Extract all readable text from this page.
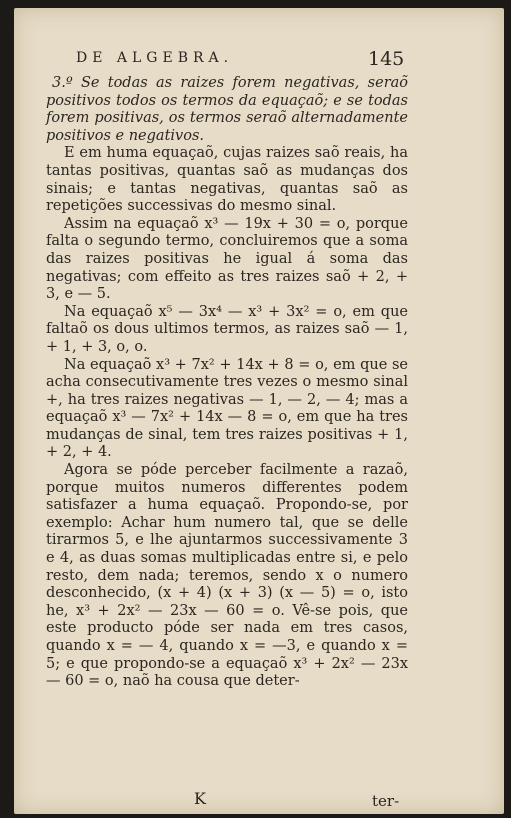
DE ALGEBRA.	145

3.º Se todas as raizes forem negativas, seraõ positivos todos os termos da equaçaõ; e se todas forem positivas, os termos seraõ alternadamente positivos e negativos.

E em huma equaçaõ, cujas raizes saõ reais, ha tantas positivas, quantas saõ as mudanças dos sinais; e tantas negativas, quantas saõ as repetições successivas do mesmo sinal.

Assim na equaçaõ x³ — 19x + 30 = o, porque falta o segundo termo, concluiremos que a soma das raizes positivas he igual á soma das negativas; com effeito as tres raizes saõ + 2, + 3, e — 5.

Na equaçaõ x⁵ — 3x⁴ — x³ + 3x² = o, em que faltaõ os dous ultimos termos, as raizes saõ — 1, + 1, + 3, o, o.

Na equaçaõ x³ + 7x² + 14x + 8 = o, em que se acha consecutivamente tres vezes o mesmo sinal +, ha tres raizes negativas — 1, — 2, — 4; mas a equaçaõ x³ — 7x² + 14x — 8 = o, em que ha tres mudanças de sinal, tem tres raizes positivas + 1, + 2, + 4.

Agora se póde perceber facilmente a razaõ, porque muitos numeros differentes podem satisfazer a huma equaçaõ. Propondo-se, por exemplo: Achar hum numero tal, que se delle tirarmos 5, e lhe ajuntarmos successivamente 3 e 4, as duas somas multiplicadas entre si, e pelo resto, dem nada; teremos, sendo x o numero desconhecido, (x + 4) (x + 3) (x — 5) = o, isto he, x³ + 2x² — 23x — 60 = o. Vê-se pois, que este producto póde ser nada em tres casos, quando x = — 4, quando x = —3, e quando x = 5; e que propondo-se a equaçaõ x³ + 2x² — 23x — 60 = o, naõ ha cousa que deter-

K	ter-
